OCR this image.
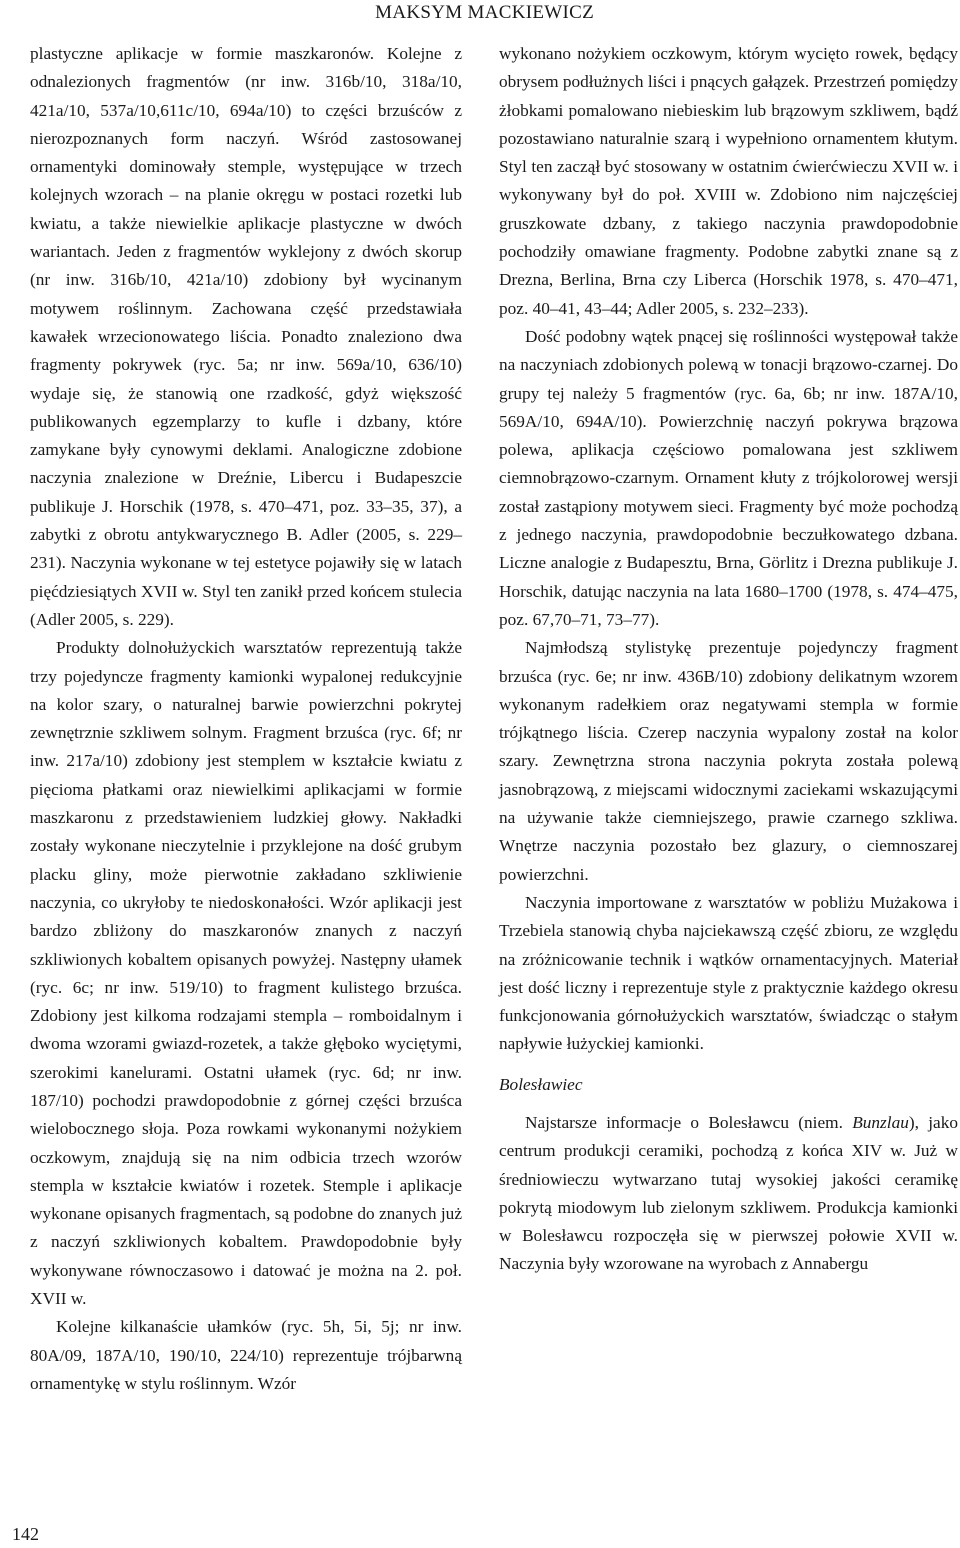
MAKSYM MACKIEWICZ

plastyczne aplikacje w formie maszkaronów. Kolejne z odnalezionych fragmentów (nr inw. 316b/10, 318a/10, 421a/10, 537a/10,611c/10, 694a/10) to części brzuśców z nierozpoznanych form naczyń. Wśród zastosowanej ornamentyki dominowały stemple, występujące w trzech kolejnych wzorach – na planie okręgu w postaci rozetki lub kwiatu, a także niewielkie aplikacje plastyczne w dwóch wariantach. Jeden z fragmentów wyklejony z dwóch skorup (nr inw. 316b/10, 421a/10) zdobiony był wycinanym motywem roślinnym. Zachowana część przedstawiała kawałek wrzecionowatego liścia. Ponadto znaleziono dwa fragmenty pokrywek (ryc. 5a; nr inw. 569a/10, 636/10) wydaje się, że stanowią one rzadkość, gdyż większość publikowanych egzemplarzy to kufle i dzbany, które zamykane były cynowymi deklami. Analogiczne zdobione naczynia znalezione w Dreźnie, Libercu i Budapeszcie publikuje J. Horschik (1978, s. 470–471, poz. 33–35, 37), a zabytki z obrotu antykwarycznego B. Adler (2005, s. 229–231). Naczynia wykonane w tej estetyce pojawiły się w latach pięćdziesiątych XVII w. Styl ten zanikł przed końcem stulecia (Adler 2005, s. 229).

Produkty dolnołużyckich warsztatów reprezentują także trzy pojedyncze fragmenty kamionki wypalonej redukcyjnie na kolor szary, o naturalnej barwie powierzchni pokrytej zewnętrznie szkliwem solnym. Fragment brzuśca (ryc. 6f; nr inw. 217a/10) zdobiony jest stemplem w kształcie kwiatu z pięcioma płatkami oraz niewielkimi aplikacjami w formie maszkaronu z przedstawieniem ludzkiej głowy. Nakładki zostały wykonane nieczytelnie i przyklejone na dość grubym placku gliny, może pierwotnie zakładano szkliwienie naczynia, co ukryłoby te niedoskonałości. Wzór aplikacji jest bardzo zbliżony do maszkaronów znanych z naczyń szkliwionych kobaltem opisanych powyżej. Następny ułamek (ryc. 6c; nr inw. 519/10) to fragment kulistego brzuśca. Zdobiony jest kilkoma rodzajami stempla – romboidalnym i dwoma wzorami gwiazd-rozetek, a także głęboko wyciętymi, szerokimi kanelurami. Ostatni ułamek (ryc. 6d; nr inw. 187/10) pochodzi prawdopodobnie z górnej części brzuśca wielobocznego słoja. Poza rowkami wykonanymi nożykiem oczkowym, znajdują się na nim odbicia trzech wzorów stempla w kształcie kwiatów i rozetek. Stemple i aplikacje wykonane opisanych fragmentach, są podobne do znanych już z naczyń szkliwionych kobaltem. Prawdopodobnie były wykonywane równoczasowo i datować je można na 2. poł. XVII w.

Kolejne kilkanaście ułamków (ryc. 5h, 5i, 5j; nr inw. 80A/09, 187A/10, 190/10, 224/10) reprezentuje trójbarwną ornamentykę w stylu roślinnym. Wzór

wykonano nożykiem oczkowym, którym wycięto rowek, będący obrysem podłużnych liści i pnących gałązek. Przestrzeń pomiędzy żłobkami pomalowano niebieskim lub brązowym szkliwem, bądź pozostawiano naturalnie szarą i wypełniono ornamentem kłutym. Styl ten zaczął być stosowany w ostatnim ćwierćwieczu XVII w. i wykonywany był do poł. XVIII w. Zdobiono nim najczęściej gruszkowate dzbany, z takiego naczynia prawdopodobnie pochodziły omawiane fragmenty. Podobne zabytki znane są z Drezna, Berlina, Brna czy Liberca (Horschik 1978, s. 470–471, poz. 40–41, 43–44; Adler 2005, s. 232–233).

Dość podobny wątek pnącej się roślinności występował także na naczyniach zdobionych polewą w tonacji brązowo-czarnej. Do grupy tej należy 5 fragmentów (ryc. 6a, 6b; nr inw. 187A/10, 569A/10, 694A/10). Powierzchnię naczyń pokrywa brązowa polewa, aplikacja częściowo pomalowana jest szkliwem ciemnobrązowo-czarnym. Ornament kłuty z trójkolorowej wersji został zastąpiony motywem sieci. Fragmenty być może pochodzą z jednego naczynia, prawdopodobnie beczułkowatego dzbana. Liczne analogie z Budapesztu, Brna, Görlitz i Drezna publikuje J. Horschik, datując naczynia na lata 1680–1700 (1978, s. 474–475, poz. 67,70–71, 73–77).

Najmłodszą stylistykę prezentuje pojedynczy fragment brzuśca (ryc. 6e; nr inw. 436B/10) zdobiony delikatnym wzorem wykonanym radełkiem oraz negatywami stempla w formie trójkątnego liścia. Czerep naczynia wypalony został na kolor szary. Zewnętrzna strona naczynia pokryta została polewą jasnobrązową, z miejscami widocznymi zaciekami wskazującymi na używanie także ciemniejszego, prawie czarnego szkliwa. Wnętrze naczynia pozostało bez glazury, o ciemnoszarej powierzchni.

Naczynia importowane z warsztatów w pobliżu Mużakowa i Trzebiela stanowią chyba najciekawszą część zbioru, ze względu na zróżnicowanie technik i wątków ornamentacyjnych. Materiał jest dość liczny i reprezentuje style z praktycznie każdego okresu funkcjonowania górnołużyckich warsztatów, świadcząc o stałym napływie łużyckiej kamionki.

Bolesławiec

Najstarsze informacje o Bolesławcu (niem. Bunzlau), jako centrum produkcji ceramiki, pochodzą z końca XIV w. Już w średniowieczu wytwarzano tutaj wysokiej jakości ceramikę pokrytą miodowym lub zielonym szkliwem. Produkcja kamionki w Bolesławcu rozpoczęła się w pierwszej połowie XVII w. Naczynia były wzorowane na wyrobach z Annabergu

142
